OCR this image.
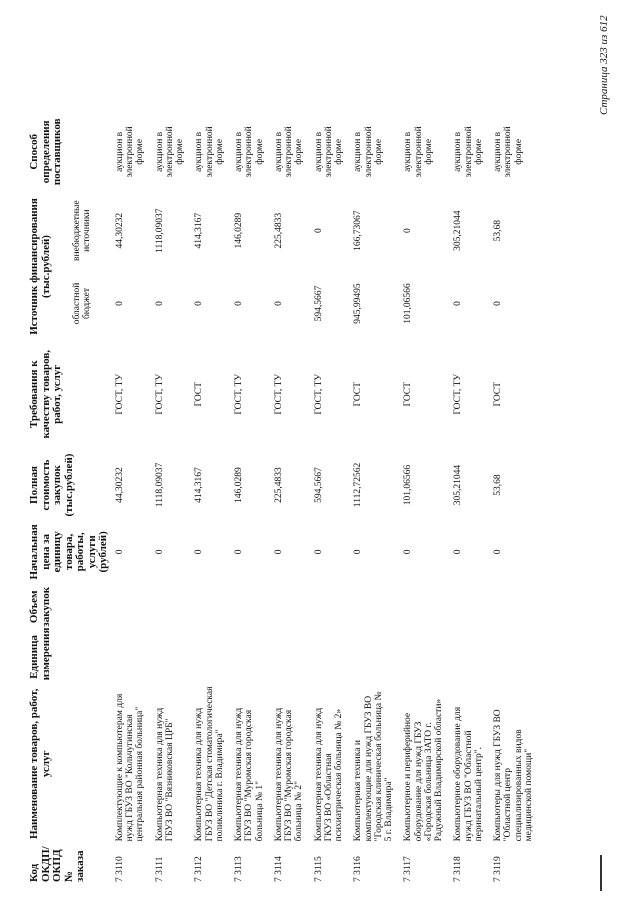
Код ОКДП/ ОКПД № заказа	Наименование товаров, работ, услуг	Единица измерения	Объем закупок	Начальная цена за единицу товара, работы, услуги (рублей)	Полная стоимость закупок (тыс.рублей)	Требования к качеству товаров, работ, услуг	Источник финансирования (тыс.рублей)		Способ определения поставщиков
							областной бюджет	внебюджетные источники	
7 3110	Комплектующие к компьютерам для нужд ГБУЗ ВО "Кольчугинская центральная районная больница"			0	44,30232	ГОСТ, ТУ	0	44,30232	аукцион в электронной форме
7 3111	Компьютерная техника для нужд ГБУЗ ВО "Вязниковская ЦРБ"			0	1118,09037	ГОСТ, ТУ	0	1118,09037	аукцион в электронной форме
7 3112	Компьютерная техника для нужд ГБУЗ ВО "Детская стоматологическая поликлиника г. Владимира"			0	414,3167	ГОСТ	0	414,3167	аукцион в электронной форме
7 3113	Компьютерная техника для нужд ГБУЗ ВО "Муромская городская больница № 1"			0	146,0289	ГОСТ, ТУ	0	146,0289	аукцион в электронной форме
7 3114	Компьютерная техника для нужд ГБУЗ ВО "Муромская городская больница № 2"			0	225,4833	ГОСТ, ТУ	0	225,4833	аукцион в электронной форме
7 3115	Компьютерная техника для нужд ГКУЗ ВО «Областная психиатрическая больница № 2»			0	594,5667	ГОСТ, ТУ	594,5667	0	аукцион в электронной форме
7 3116	Компьютерная техника и комплектующие для нужд ГБУЗ ВО "Городская клиническая больница № 5 г. Владимира"			0	1112,72562	ГОСТ	945,99495	166,73067	аукцион в электронной форме
7 3117	Компьютерное и периферийное оборудование для нужд ГБУЗ «Городская больница ЗАТО г. Радужный Владимирской области»			0	101,06566	ГОСТ	101,06566	0	аукцион в электронной форме
7 3118	Компьютерное оборудование для нужд ГБУЗ ВО "Областной перинатальный центр".			0	305,21044	ГОСТ, ТУ	0	305,21044	аукцион в электронной форме
7 3119	Компьютеры для нужд ГБУЗ ВО "Областной центр специализированных видов медицинской помощи"			0	53,68	ГОСТ	0	53,68	аукцион в электронной форме
Страница 323 из 612
